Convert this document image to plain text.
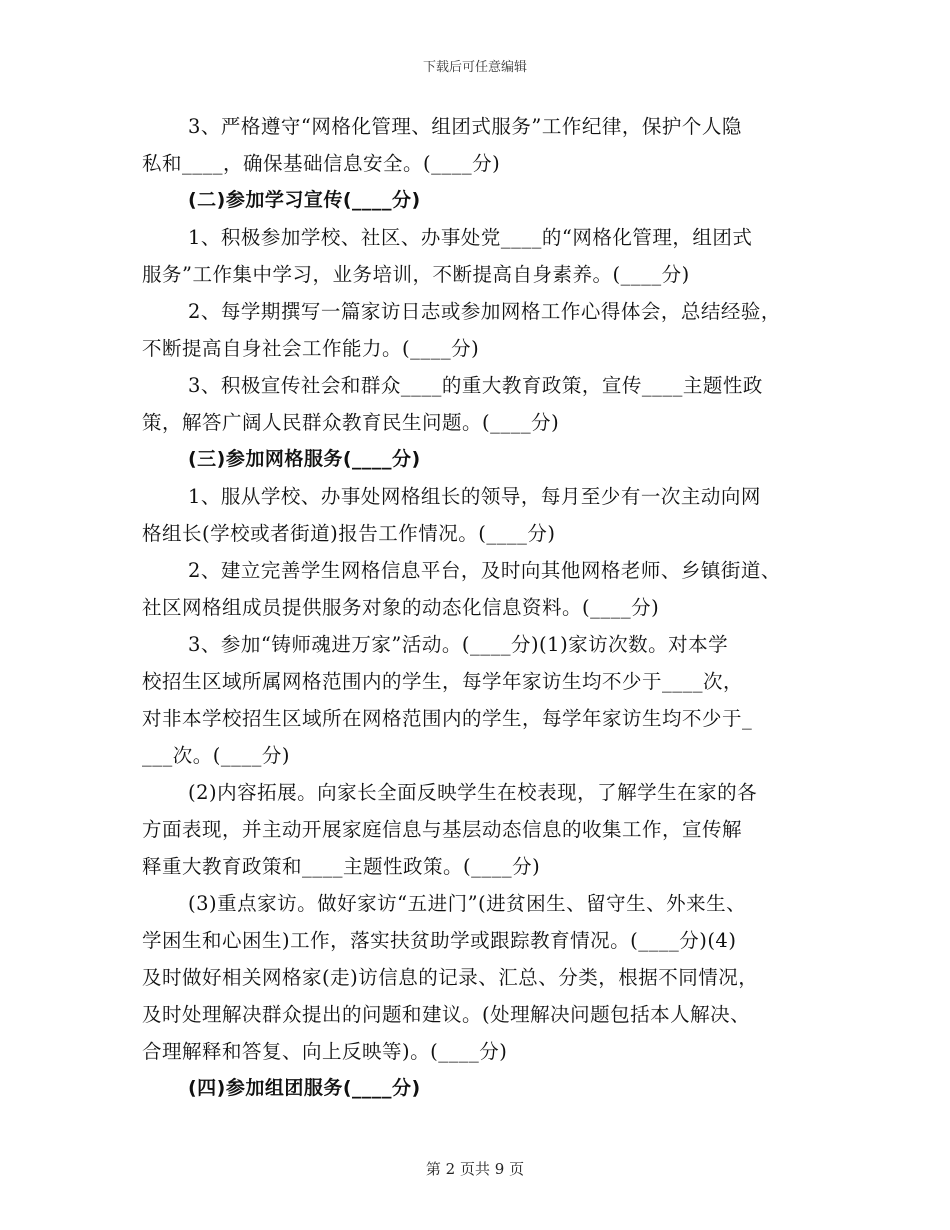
下载后可任意编辑
3、严格遵守“网格化管理、组团式服务”工作纪律，保护个人隐
私和____，确保基础信息安全。(____分)
(二)参加学习宣传(____分)
1、积极参加学校、社区、办事处党____的“网格化管理，组团式
服务”工作集中学习，业务培训，不断提高自身素养。(____分)
2、每学期撰写一篇家访日志或参加网格工作心得体会，总结经验，
不断提高自身社会工作能力。(____分)
3、积极宣传社会和群众____的重大教育政策，宣传____主题性政
策，解答广阔人民群众教育民生问题。(____分)
(三)参加网格服务(____分)
1、服从学校、办事处网格组长的领导，每月至少有一次主动向网
格组长(学校或者街道)报告工作情况。(____分)
2、建立完善学生网格信息平台，及时向其他网格老师、乡镇街道、
社区网格组成员提供服务对象的动态化信息资料。(____分)
3、参加“铸师魂进万家”活动。(____分)(1)家访次数。对本学
校招生区域所属网格范围内的学生，每学年家访生均不少于____次，
对非本学校招生区域所在网格范围内的学生，每学年家访生均不少于_
___次。(____分)
(2)内容拓展。向家长全面反映学生在校表现，了解学生在家的各
方面表现，并主动开展家庭信息与基层动态信息的收集工作，宣传解
释重大教育政策和____主题性政策。(____分)
(3)重点家访。做好家访“五进门”(进贫困生、留守生、外来生、
学困生和心困生)工作，落实扶贫助学或跟踪教育情况。(____分)(4)
及时做好相关网格家(走)访信息的记录、汇总、分类，根据不同情况，
及时处理解决群众提出的问题和建议。(处理解决问题包括本人解决、
合理解释和答复、向上反映等)。(____分)
(四)参加组团服务(____分)
第 2 页共 9 页
